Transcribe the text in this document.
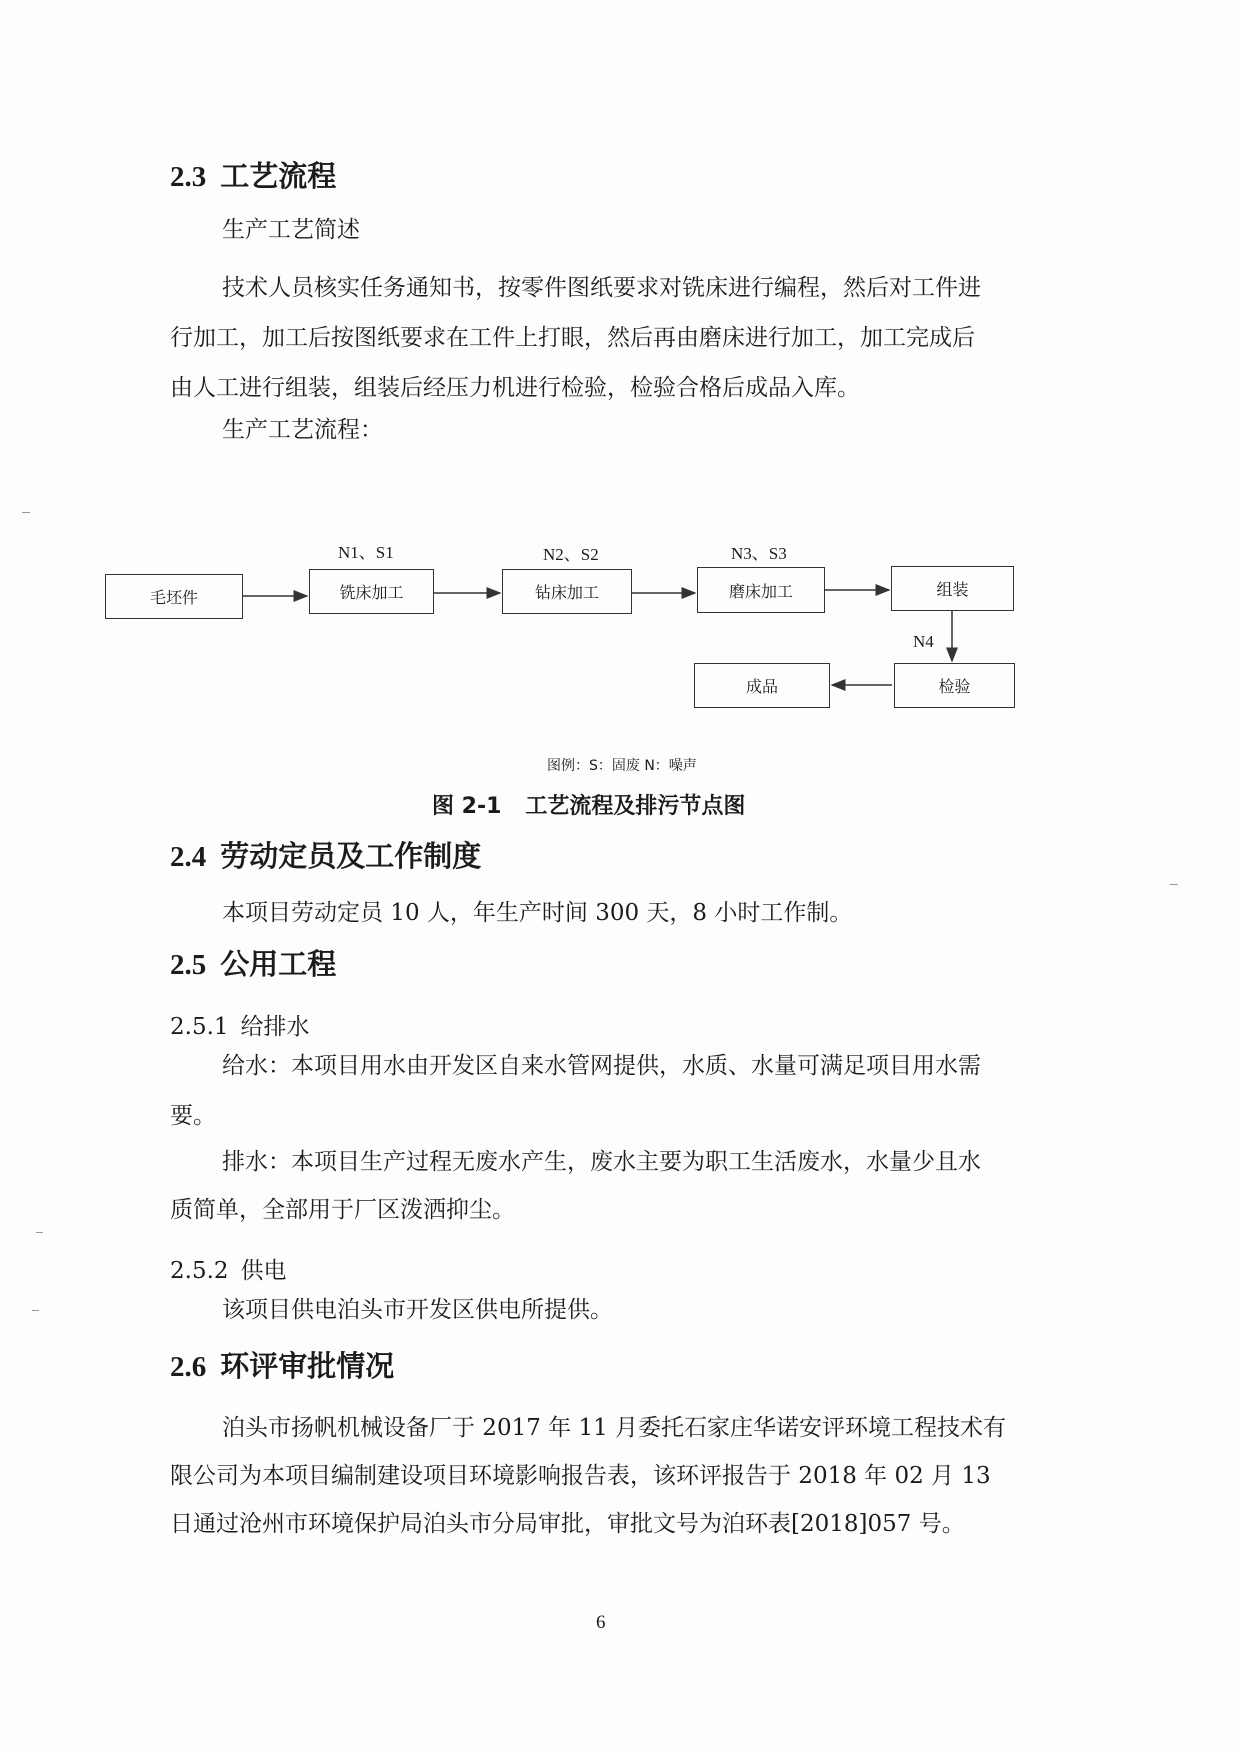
2.3 工艺流程
生产工艺简述
技术人员核实任务通知书，按零件图纸要求对铣床进行编程，然后对工件进
行加工，加工后按图纸要求在工件上打眼，然后再由磨床进行加工，加工完成后
由人工进行组装，组装后经压力机进行检验，检验合格后成品入库。
生产工艺流程：
毛坯件	铣床加工	钻床加工	磨床加工	组装
检验
成品
N1、S1	N2、S2	N3、S3
N4
图例：S：固废 N：噪声
图 2-1 工艺流程及排污节点图
2.4 劳动定员及工作制度
本项目劳动定员 10 人，年生产时间 300 天，8 小时工作制。
2.5 公用工程
2.5.1 给排水
给水：本项目用水由开发区自来水管网提供，水质、水量可满足项目用水需
要。
排水：本项目生产过程无废水产生，废水主要为职工生活废水，水量少且水
质简单，全部用于厂区泼洒抑尘。
2.5.2 供电
该项目供电泊头市开发区供电所提供。
2.6 环评审批情况
泊头市扬帆机械设备厂于 2017 年 11 月委托石家庄华诺安评环境工程技术有
限公司为本项目编制建设项目环境影响报告表，该环评报告于 2018 年 02 月 13
日通过沧州市环境保护局泊头市分局审批，审批文号为泊环表[2018]057 号。
6
